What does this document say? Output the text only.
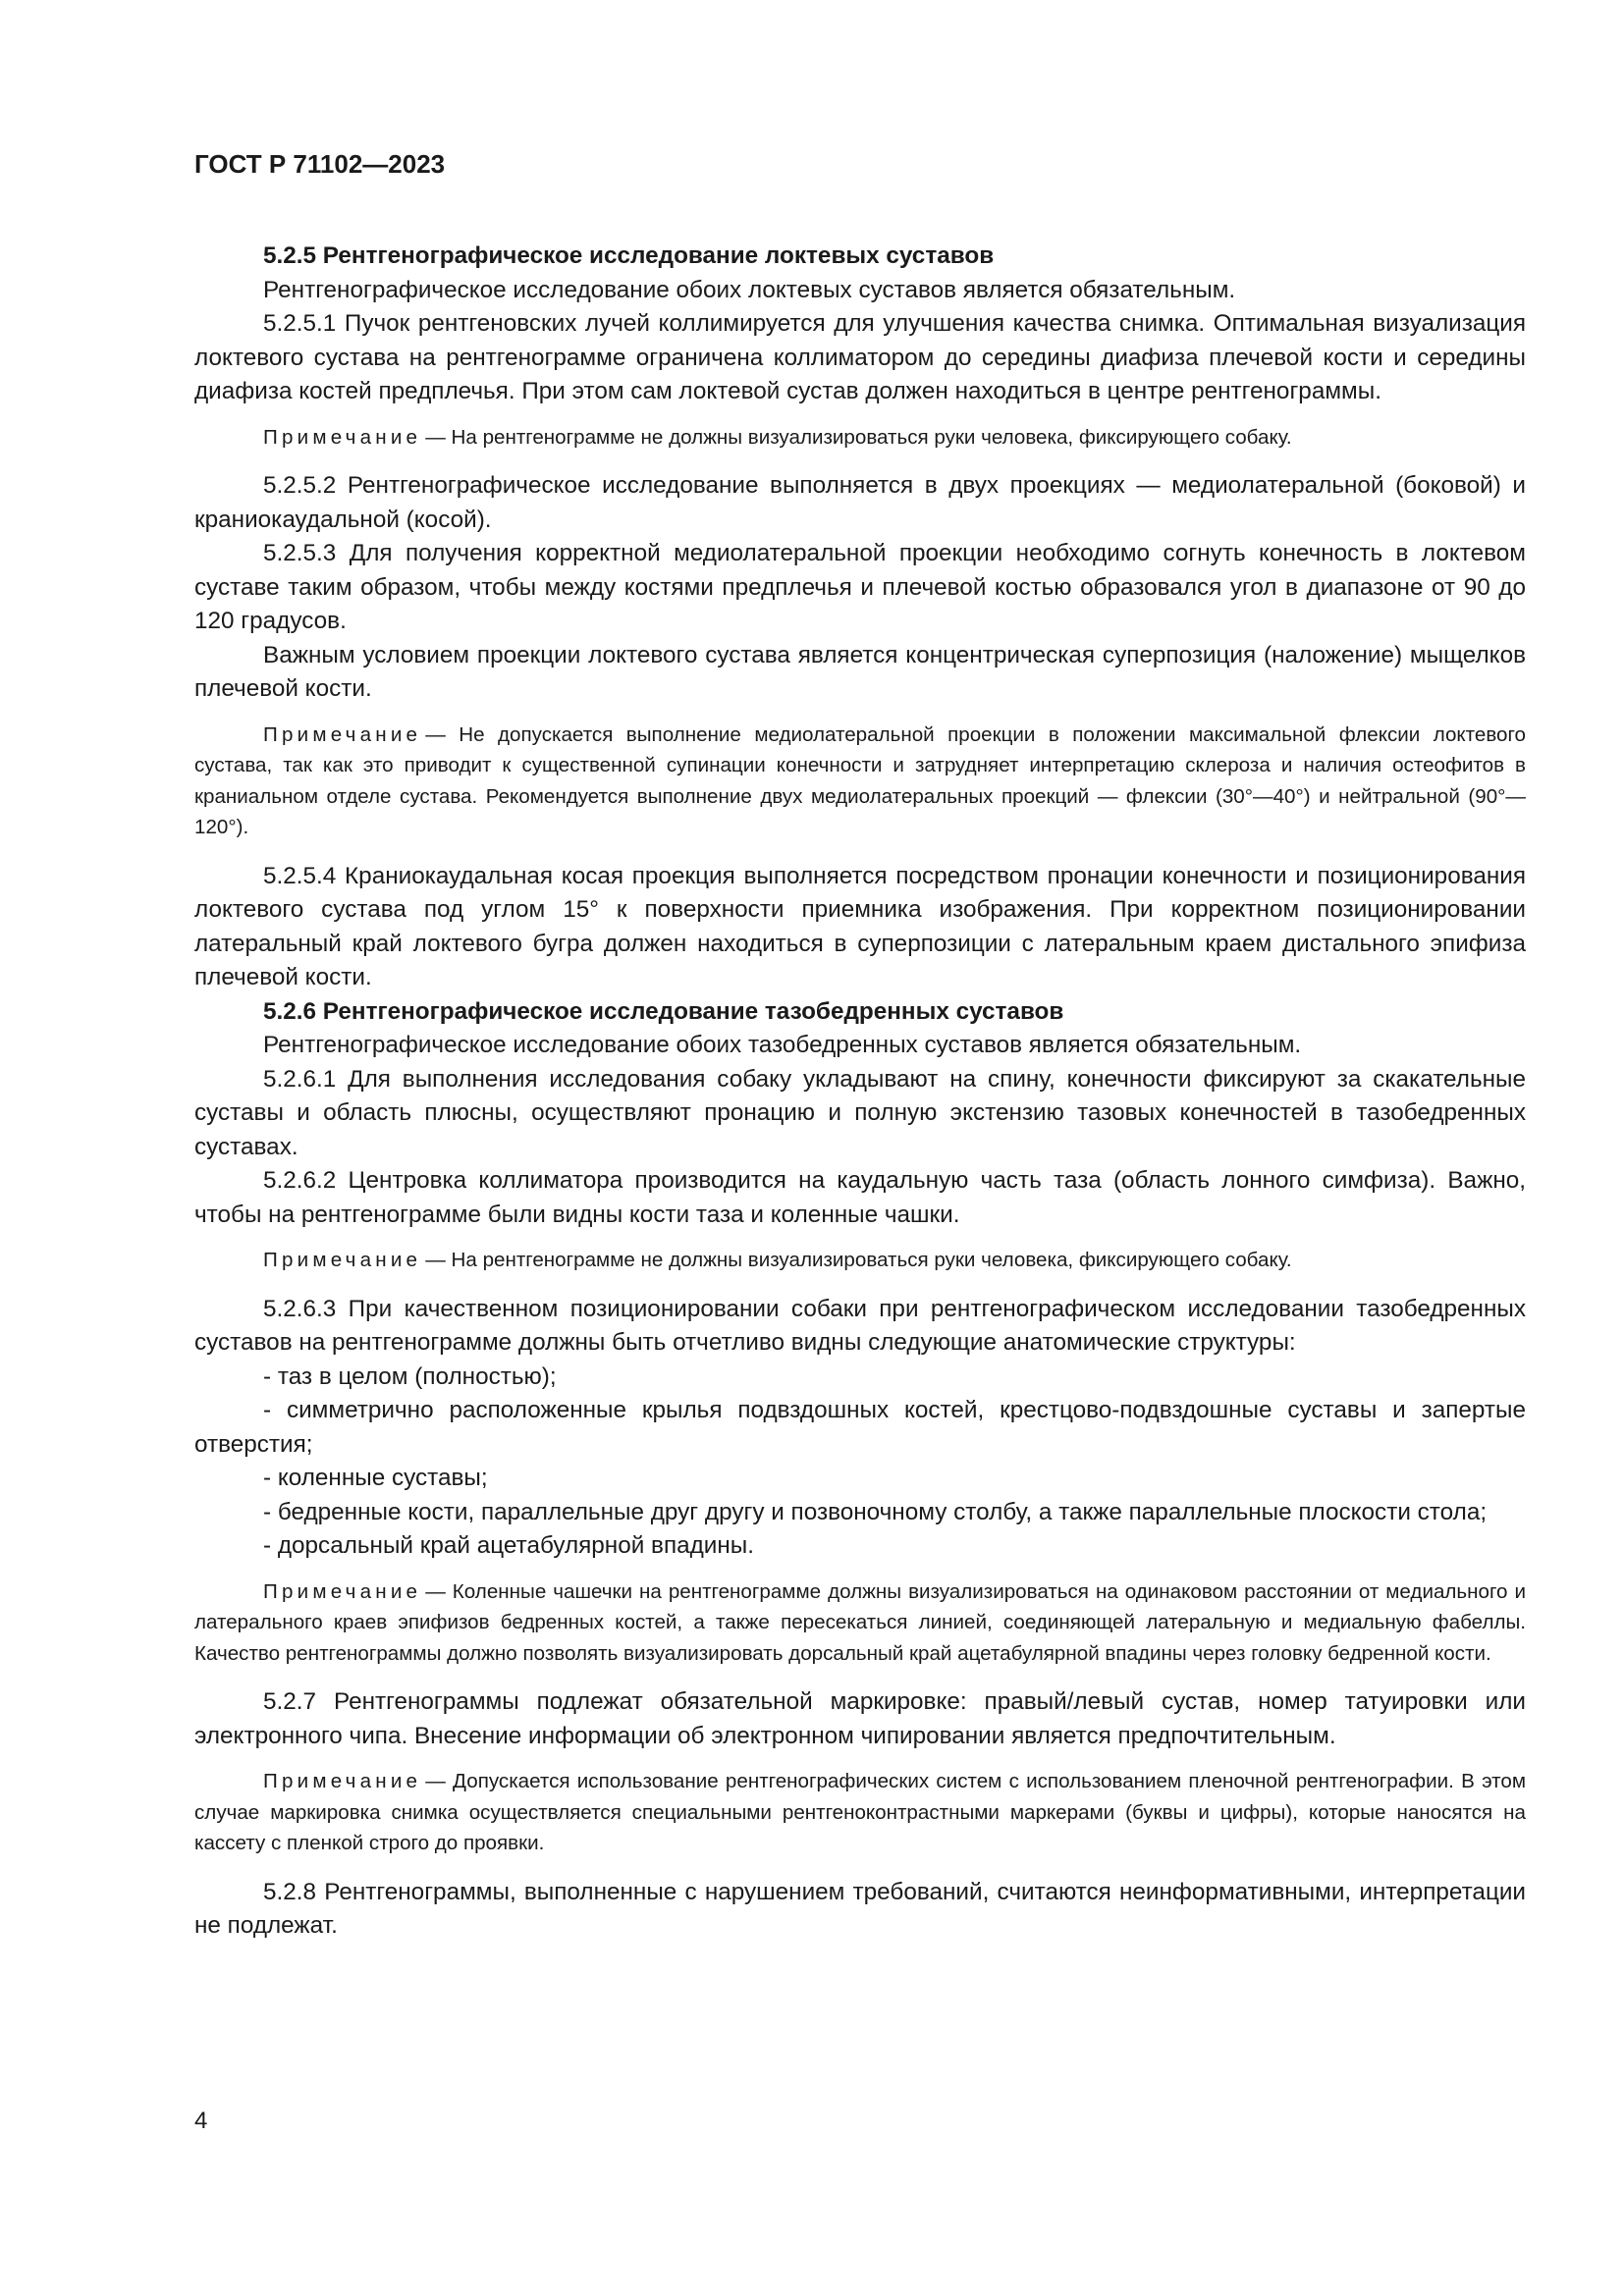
ГОСТ Р 71102—2023
5.2.5 Рентгенографическое исследование локтевых суставов
Рентгенографическое исследование обоих локтевых суставов является обязательным.
5.2.5.1 Пучок рентгеновских лучей коллимируется для улучшения качества снимка. Оптимальная визуализация локтевого сустава на рентгенограмме ограничена коллиматором до середины диафиза плечевой кости и середины диафиза костей предплечья. При этом сам локтевой сустав должен находиться в центре рентгенограммы.
Примечание — На рентгенограмме не должны визуализироваться руки человека, фиксирующего собаку.
5.2.5.2 Рентгенографическое исследование выполняется в двух проекциях — медиолатеральной (боковой) и краниокаудальной (косой).
5.2.5.3 Для получения корректной медиолатеральной проекции необходимо согнуть конечность в локтевом суставе таким образом, чтобы между костями предплечья и плечевой костью образовался угол в диапазоне от 90 до 120 градусов.
Важным условием проекции локтевого сустава является концентрическая суперпозиция (наложение) мыщелков плечевой кости.
Примечание — Не допускается выполнение медиолатеральной проекции в положении максимальной флексии локтевого сустава, так как это приводит к существенной супинации конечности и затрудняет интерпретацию склероза и наличия остеофитов в краниальном отделе сустава. Рекомендуется выполнение двух медиолатеральных проекций — флексии (30°—40°) и нейтральной (90°—120°).
5.2.5.4 Краниокаудальная косая проекция выполняется посредством пронации конечности и позиционирования локтевого сустава под углом 15° к поверхности приемника изображения. При корректном позиционировании латеральный край локтевого бугра должен находиться в суперпозиции с латеральным краем дистального эпифиза плечевой кости.
5.2.6 Рентгенографическое исследование тазобедренных суставов
Рентгенографическое исследование обоих тазобедренных суставов является обязательным.
5.2.6.1 Для выполнения исследования собаку укладывают на спину, конечности фиксируют за скакательные суставы и область плюсны, осуществляют пронацию и полную экстензию тазовых конечностей в тазобедренных суставах.
5.2.6.2 Центровка коллиматора производится на каудальную часть таза (область лонного симфиза). Важно, чтобы на рентгенограмме были видны кости таза и коленные чашки.
Примечание — На рентгенограмме не должны визуализироваться руки человека, фиксирующего собаку.
5.2.6.3 При качественном позиционировании собаки при рентгенографическом исследовании тазобедренных суставов на рентгенограмме должны быть отчетливо видны следующие анатомические структуры:
- таз в целом (полностью);
- симметрично расположенные крылья подвздошных костей, крестцово-подвздошные суставы и запертые отверстия;
- коленные суставы;
- бедренные кости, параллельные друг другу и позвоночному столбу, а также параллельные плоскости стола;
- дорсальный край ацетабулярной впадины.
Примечание — Коленные чашечки на рентгенограмме должны визуализироваться на одинаковом расстоянии от медиального и латерального краев эпифизов бедренных костей, а также пересекаться линией, соединяющей латеральную и медиальную фабеллы. Качество рентгенограммы должно позволять визуализировать дорсальный край ацетабулярной впадины через головку бедренной кости.
5.2.7 Рентгенограммы подлежат обязательной маркировке: правый/левый сустав, номер татуировки или электронного чипа. Внесение информации об электронном чипировании является предпочтительным.
Примечание — Допускается использование рентгенографических систем с использованием пленочной рентгенографии. В этом случае маркировка снимка осуществляется специальными рентгеноконтрастными маркерами (буквы и цифры), которые наносятся на кассету с пленкой строго до проявки.
5.2.8 Рентгенограммы, выполненные с нарушением требований, считаются неинформативными, интерпретации не подлежат.
4
